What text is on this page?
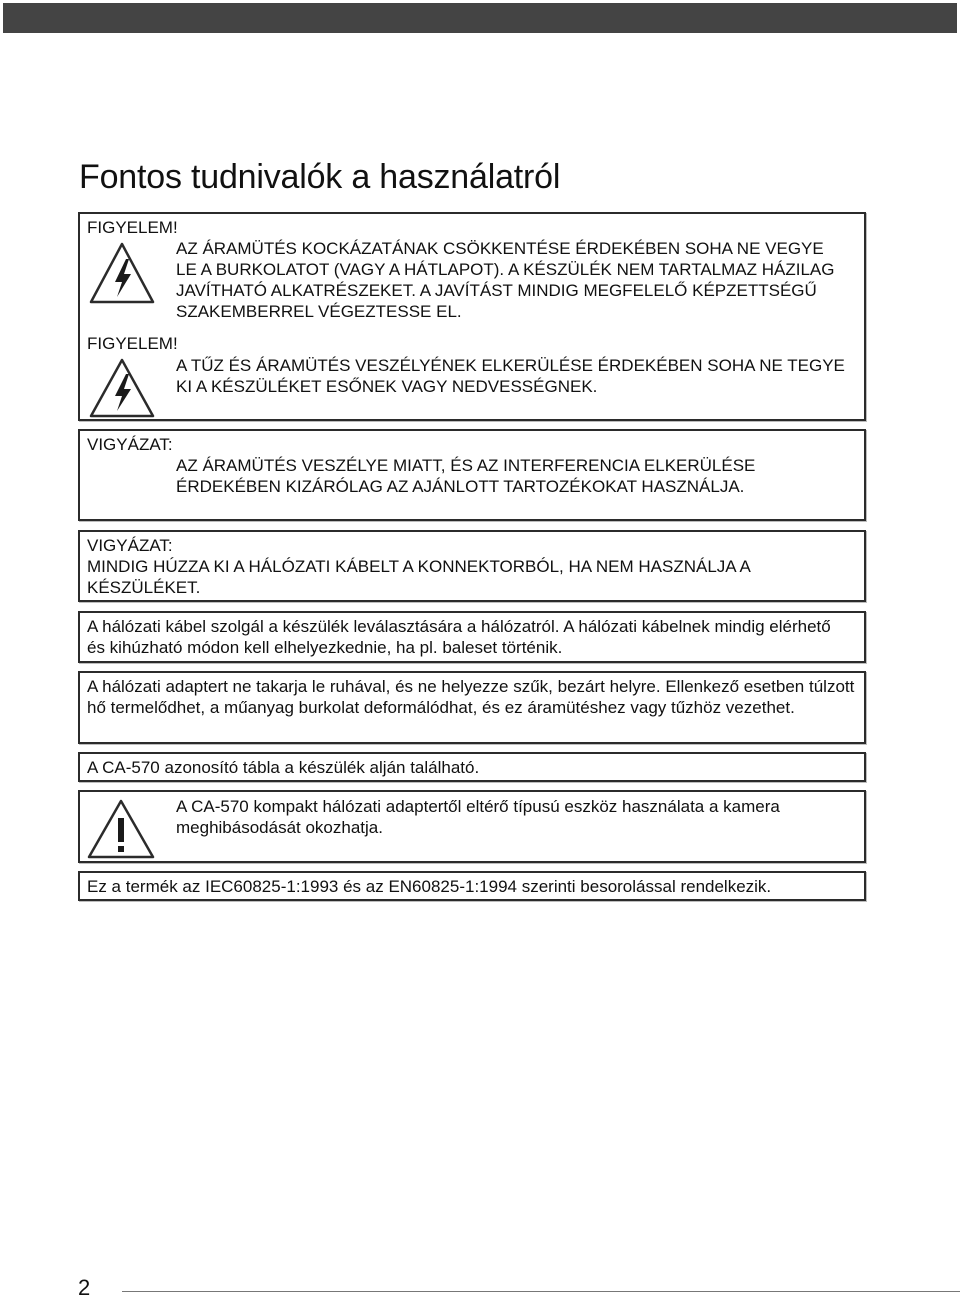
Fontos tudnivalók a használatról
FIGYELEM!
AZ ÁRAMÜTÉS KOCKÁZATÁNAK CSÖKKENTÉSE ÉRDEKÉBEN SOHA NE VEGYE LE A BURKOLATOT (VAGY A HÁTLAPOT). A KÉSZÜLÉK NEM TARTALMAZ HÁZILAG JAVÍTHATÓ ALKATRÉSZEKET. A JAVÍTÁST MINDIG MEGFELELŐ KÉPZETTSÉGŰ SZAKEMBERREL VÉGEZTESSE EL.
FIGYELEM!
A TŰZ ÉS ÁRAMÜTÉS VESZÉLYÉNEK ELKERÜLÉSE ÉRDEKÉBEN SOHA NE TEGYE KI A KÉSZÜLÉKET ESŐNEK VAGY NEDVESSÉGNEK.
VIGYÁZAT:
AZ ÁRAMÜTÉS VESZÉLYE MIATT, ÉS AZ INTERFERENCIA ELKERÜLÉSE ÉRDEKÉBEN KIZÁRÓLAG AZ AJÁNLOTT TARTOZÉKOKAT HASZNÁLJA.
VIGYÁZAT:
MINDIG HÚZZA KI A HÁLÓZATI KÁBELT A KONNEKTORBÓL, HA NEM HASZNÁLJA A KÉSZÜLÉKET.
A hálózati kábel szolgál a készülék leválasztására a hálózatról. A hálózati kábelnek mindig elérhető és kihúzható módon kell elhelyezkednie, ha pl. baleset történik.
A hálózati adaptert ne takarja le ruhával, és ne helyezze szűk, bezárt helyre. Ellenkező esetben túlzott hő termelődhet, a műanyag burkolat deformálódhat, és ez áramütéshez vagy tűzhöz vezethet.
A CA-570 azonosító tábla a készülék alján található.
A CA-570 kompakt hálózati adaptertől eltérő típusú eszköz használata a kamera meghibásodását okozhatja.
Ez a termék az IEC60825-1:1993 és az EN60825-1:1994 szerinti besorolással rendelkezik.
2
